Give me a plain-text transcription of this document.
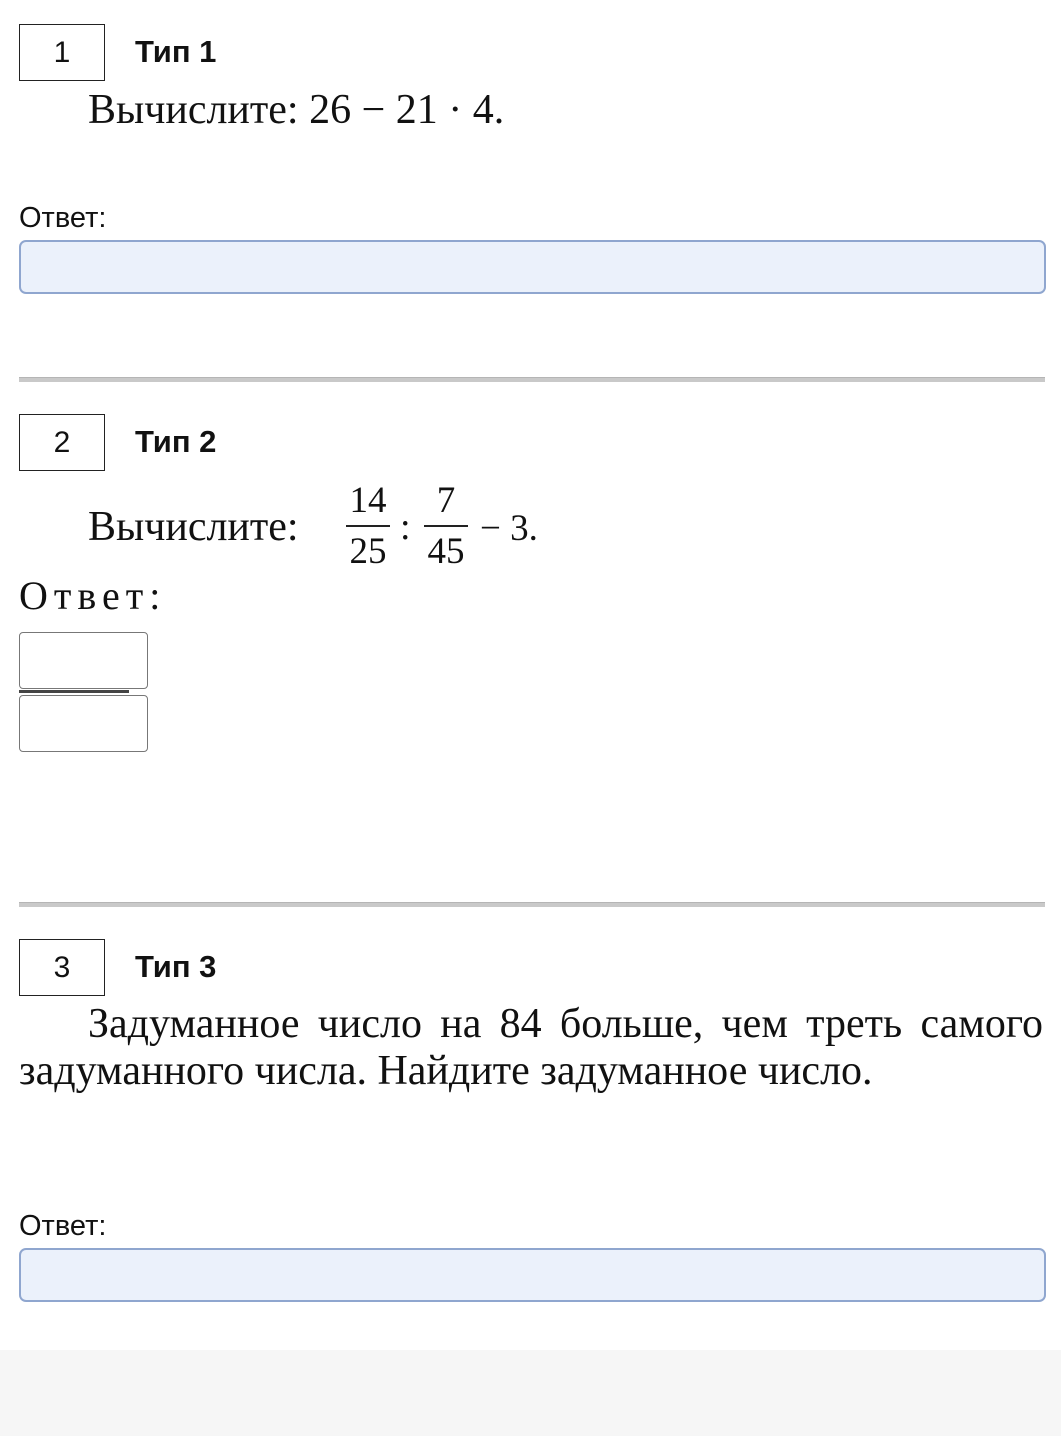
1 Тип 1
Вычислите: 26 − 21 · 4.
Ответ:
2 Тип 2
Вычислите:
14
25
:
7
45
− 3.
Ответ:
3 Тип 3

Задуманное число на 84 больше, чем треть самого задуманного числа. Найдите задуманное число.

Ответ:
